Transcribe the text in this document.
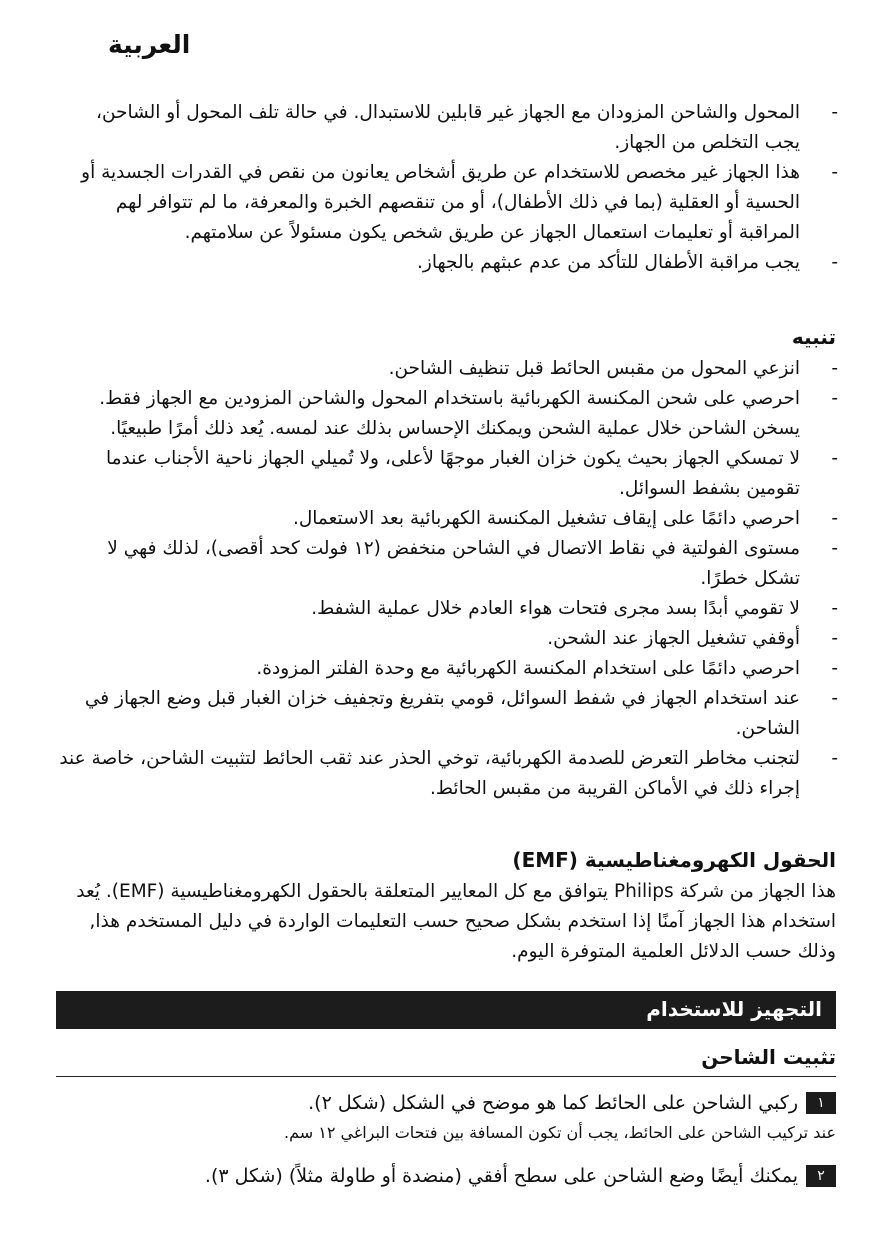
العربية
-
المحول والشاحن المزودان مع الجهاز غير قابلين للاستبدال. في حالة تلف المحول أو الشاحن، يجب التخلص من الجهاز.
-
هذا الجهاز غير مخصص للاستخدام عن طريق أشخاص يعانون من نقص في القدرات الجسدية أو الحسية أو العقلية (بما في ذلك الأطفال)، أو من تنقصهم الخبرة والمعرفة، ما لم تتوافر لهم المراقبة أو تعليمات استعمال الجهاز عن طريق شخص يكون مسئولاً عن سلامتهم.
-
يجب مراقبة الأطفال للتأكد من عدم عبثهم بالجهاز.
تنبيه
-
انزعي المحول من مقبس الحائط قبل تنظيف الشاحن.
-
احرصي على شحن المكنسة الكهربائية باستخدام المحول والشاحن المزودين مع الجهاز فقط. يسخن الشاحن خلال عملية الشحن ويمكنك الإحساس بذلك عند لمسه. يُعد ذلك أمرًا طبيعيًا.
-
لا تمسكي الجهاز بحيث يكون خزان الغبار موجهًا لأعلى، ولا تُميلي الجهاز ناحية الأجناب عندما تقومين بشفط السوائل.
-
احرصي دائمًا على إيقاف تشغيل المكنسة الكهربائية بعد الاستعمال.
-
مستوى الفولتية في نقاط الاتصال في الشاحن منخفض (١٢ فولت كحد أقصى)، لذلك فهي لا تشكل خطرًا.
-
لا تقومي أبدًا بسد مجرى فتحات هواء العادم خلال عملية الشفط.
-
أوقفي تشغيل الجهاز عند الشحن.
-
احرصي دائمًا على استخدام المكنسة الكهربائية مع وحدة الفلتر المزودة.
-
عند استخدام الجهاز في شفط السوائل، قومي بتفريغ وتجفيف خزان الغبار قبل وضع الجهاز في الشاحن.
-
لتجنب مخاطر التعرض للصدمة الكهربائية، توخي الحذر عند ثقب الحائط لتثبيت الشاحن، خاصة عند إجراء ذلك في الأماكن القريبة من مقبس الحائط.
الحقول الكهرومغناطيسية (EMF)
هذا الجهاز من شركة Philips يتوافق مع كل المعايير المتعلقة بالحقول الكهرومغناطيسية (EMF). يُعد استخدام هذا الجهاز آمنًا إذا استخدم بشكل صحيح حسب التعليمات الواردة في دليل المستخدم هذا, وذلك حسب الدلائل العلمية المتوفرة اليوم.
التجهيز للاستخدام
تثبيت الشاحن
١
ركبي الشاحن على الحائط كما هو موضح في الشكل (شكل ٢).
عند تركيب الشاحن على الحائط، يجب أن تكون المسافة بين فتحات البراغي ١٢ سم.
٢
يمكنك أيضًا وضع الشاحن على سطح أفقي (منضدة أو طاولة مثلاً) (شكل ٣).
